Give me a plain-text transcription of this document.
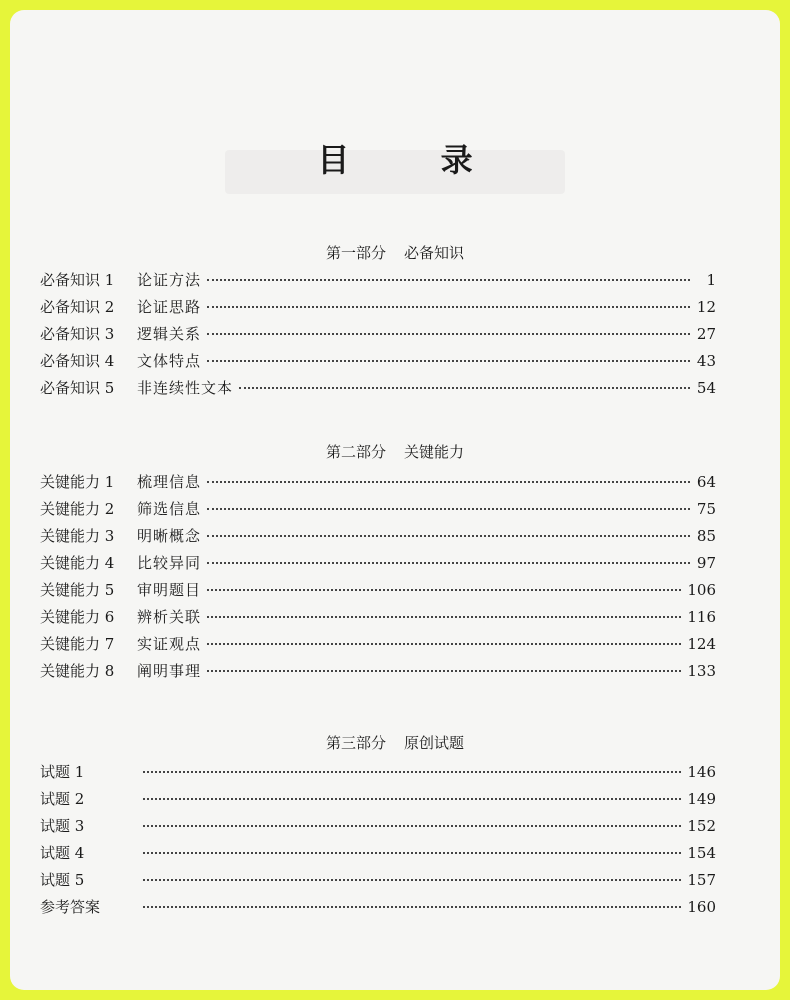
目 录
第一部分 必备知识
第二部分 关键能力
第三部分 原创试题
必备知识 1	论证方法	1
必备知识 2	论证思路	12
必备知识 3	逻辑关系	27
必备知识 4	文体特点	43
必备知识 5	非连续性文本	54
关键能力 1	梳理信息	64
关键能力 2	筛选信息	75
关键能力 3	明晰概念	85
关键能力 4	比较异同	97
关键能力 5	审明题目	106
关键能力 6	辨析关联	116
关键能力 7	实证观点	124
关键能力 8	阐明事理	133
试题 1	146
试题 2	149
试题 3	152
试题 4	154
试题 5	157
参考答案	160
